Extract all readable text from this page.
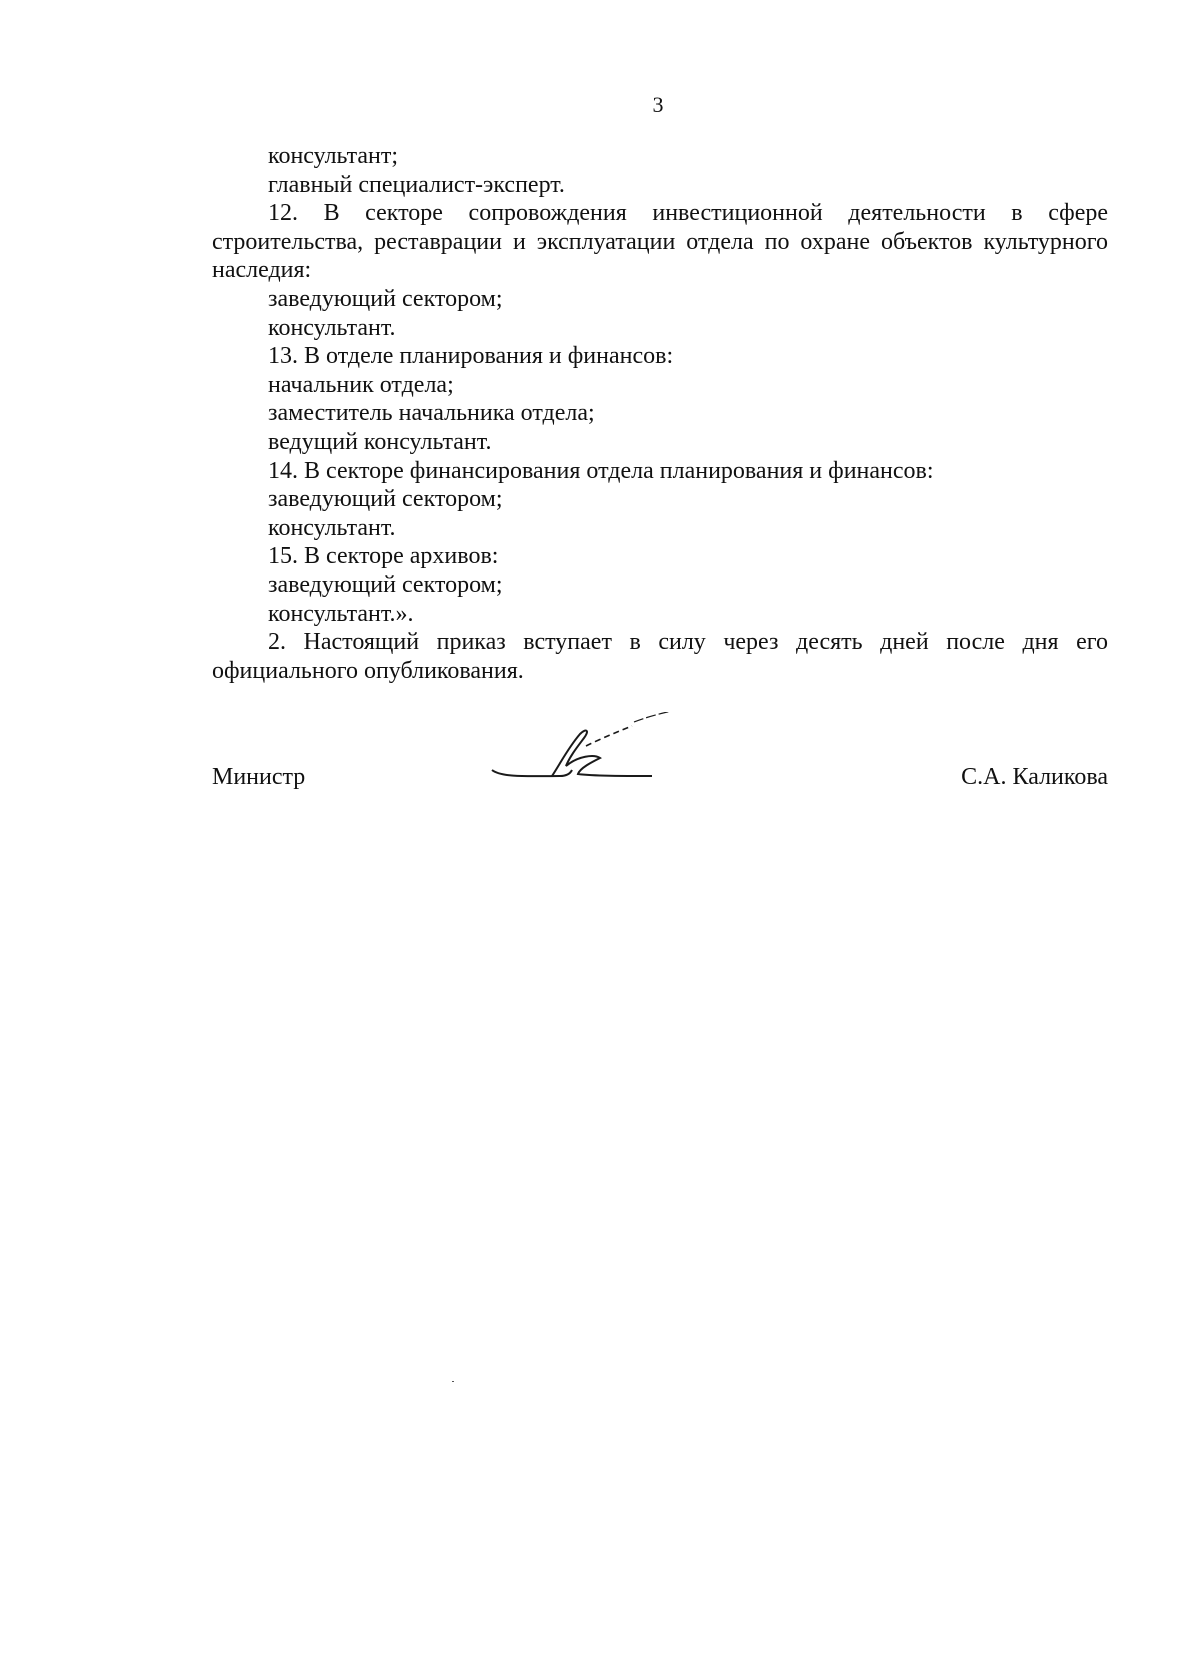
3

консультант;

главный специалист-эксперт.

12. В секторе сопровождения инвестиционной деятельности в сфере строительства, реставрации и эксплуатации отдела по охране объектов культурного наследия:

заведующий сектором;

консультант.

13. В отделе планирования и финансов:

начальник отдела;

заместитель начальника отдела;

ведущий консультант.

14. В секторе финансирования отдела планирования и финансов:

заведующий сектором;

консультант.

15. В секторе архивов:

заведующий сектором;

консультант.».

2. Настоящий приказ вступает в силу через десять дней после дня его официального опубликования.

Министр	С.А. Каликова
